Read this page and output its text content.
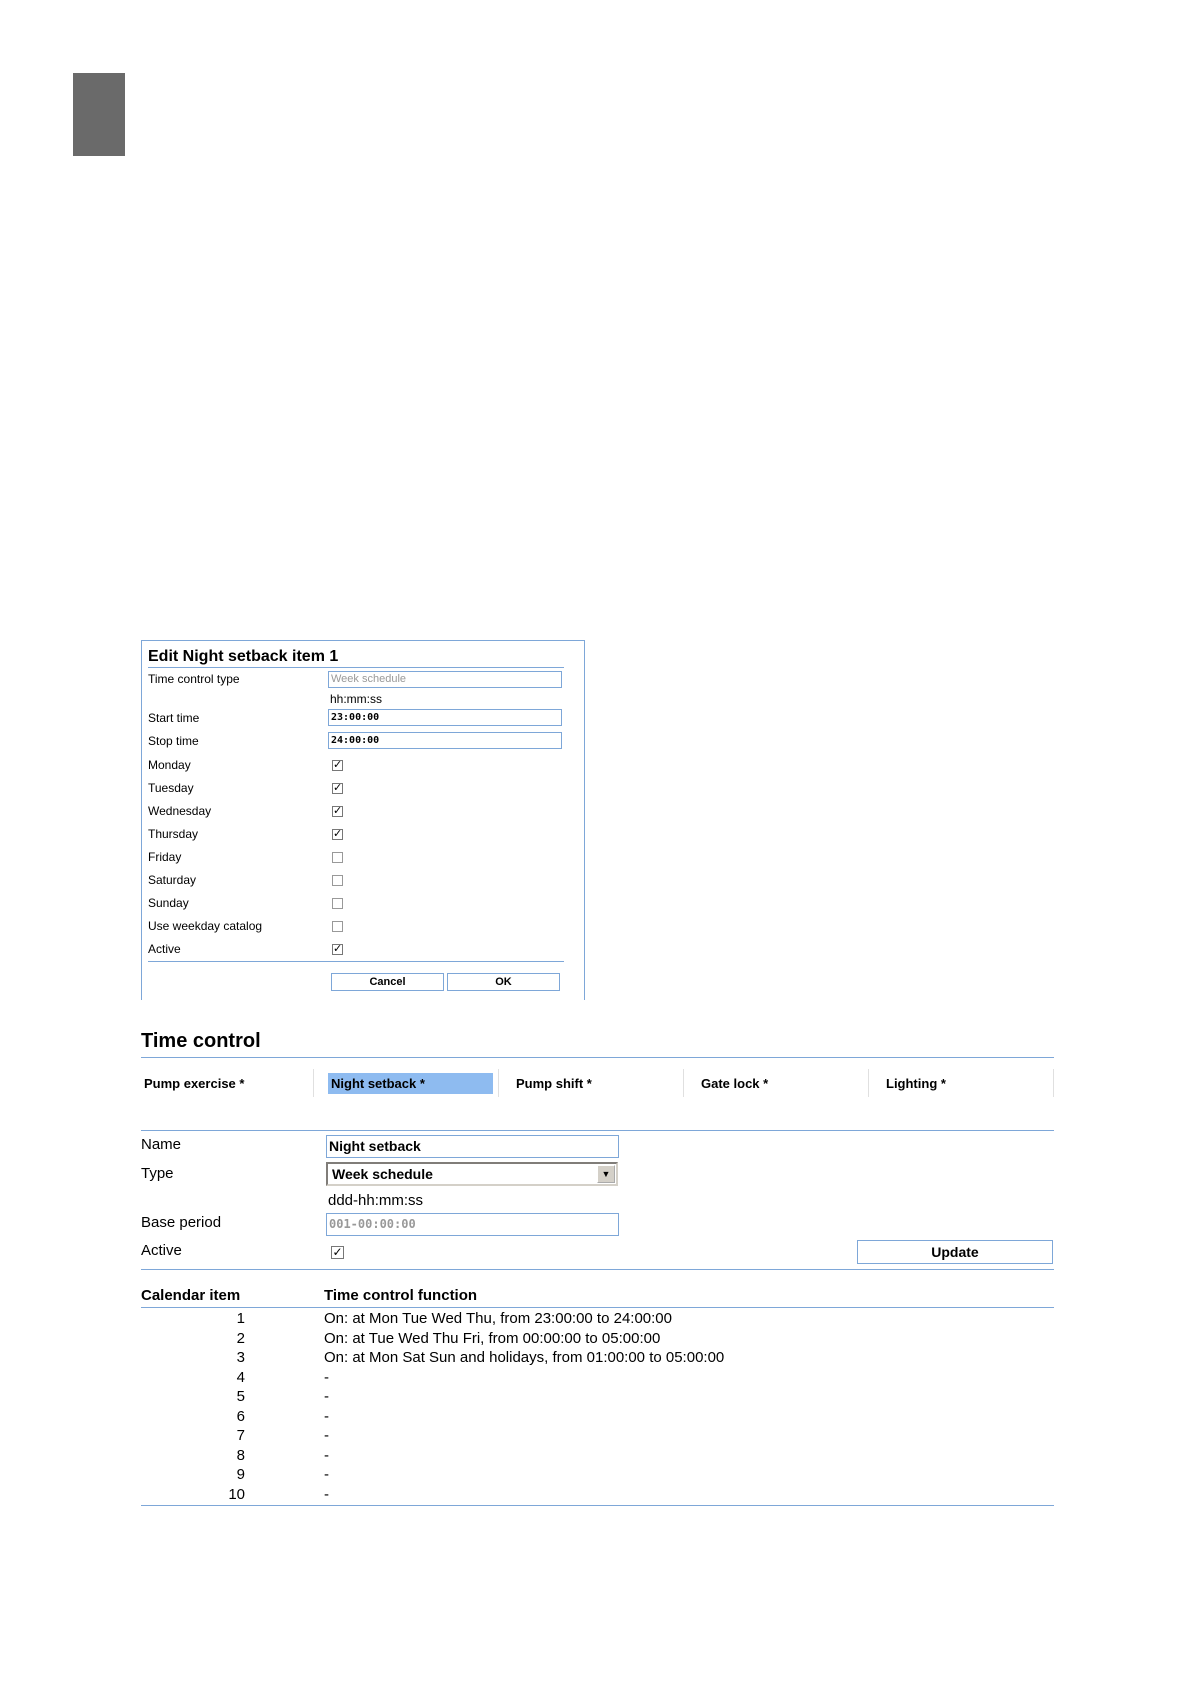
Edit Night setback item 1
Time control type	Week schedule
hh:mm:ss
Start time	23:00:00
Stop time	24:00:00
Monday	✓
Tuesday	✓
Wednesday	✓
Thursday	✓
Friday
Saturday
Sunday
Use weekday catalog
Active	✓
Cancel	OK
Time control
Pump exercise *	Night setback *	Pump shift *	Gate lock *	Lighting *
Name	Night setback
Type	Week schedule	▼
ddd-hh:mm:ss
Base period	001-00:00:00
Active	✓	Update
Calendar item	Time control function
1	On: at Mon Tue Wed Thu, from 23:00:00 to 24:00:00
2	On: at Tue Wed Thu Fri, from 00:00:00 to 05:00:00
3	On: at Mon Sat Sun and holidays, from 01:00:00 to 05:00:00
4	-
5	-
6	-
7	-
8	-
9	-
10	-
